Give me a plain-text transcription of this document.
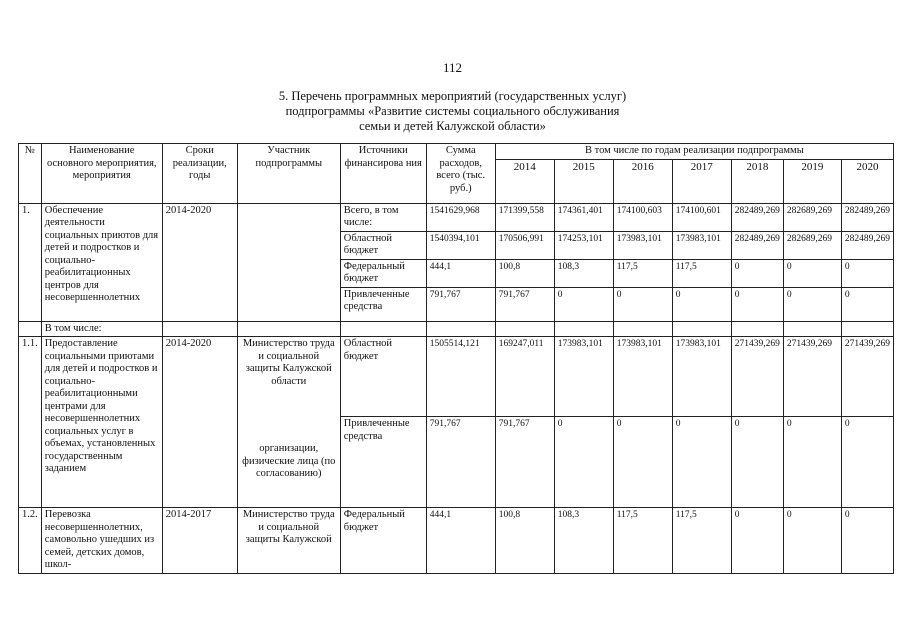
112
5. Перечень программных мероприятий (государственных услуг)
подпрограммы «Развитие системы социального обслуживания
семьи и детей Калужской области»
№	Наименование основного мероприятия, мероприятия	Сроки реализации, годы	Участник подпрограммы	Источники финансирова ния	Сумма расходов, всего (тыс. руб.)	В том числе по годам реализации подпрограммы						
						2014	2015	2016	2017	2018	2019	2020
1.	Обеспечение деятельности социальных приютов для детей и подростков и социально-реабилитационных центров для несовершеннолетних	2014-2020		Всего, в том числе:	1541629,968	171399,558	174361,401	174100,603	174100,601	282489,269	282689,269	282489,269
				Областной бюджет	1540394,101	170506,991	174253,101	173983,101	173983,101	282489,269	282689,269	282489,269
				Федеральный бюджет	444,1	100,8	108,3	117,5	117,5	0	0	0
				Привлеченные средства	791,767	791,767	0	0	0	0	0	0
	В том числе:											
1.1.	Предоставление социальными приютами для детей и подростков и социально-реабилитационными центрами для несовершеннолетних социальных услуг в объемах, установленных государственным заданием	2014-2020	Министерство труда и социальной защиты Калужской области	Областной бюджет	1505514,121	169247,011	173983,101	173983,101	173983,101	271439,269	271439,269	271439,269
			организации, физические лица (по согласованию)	Привлеченные средства	791,767	791,767	0	0	0	0	0	0
1.2.	Перевозка несовершеннолетних, самовольно ушедших из семей, детских домов, школ-	2014-2017	Министерство труда и социальной защиты Калужской	Федеральный бюджет	444,1	100,8	108,3	117,5	117,5	0	0	0
